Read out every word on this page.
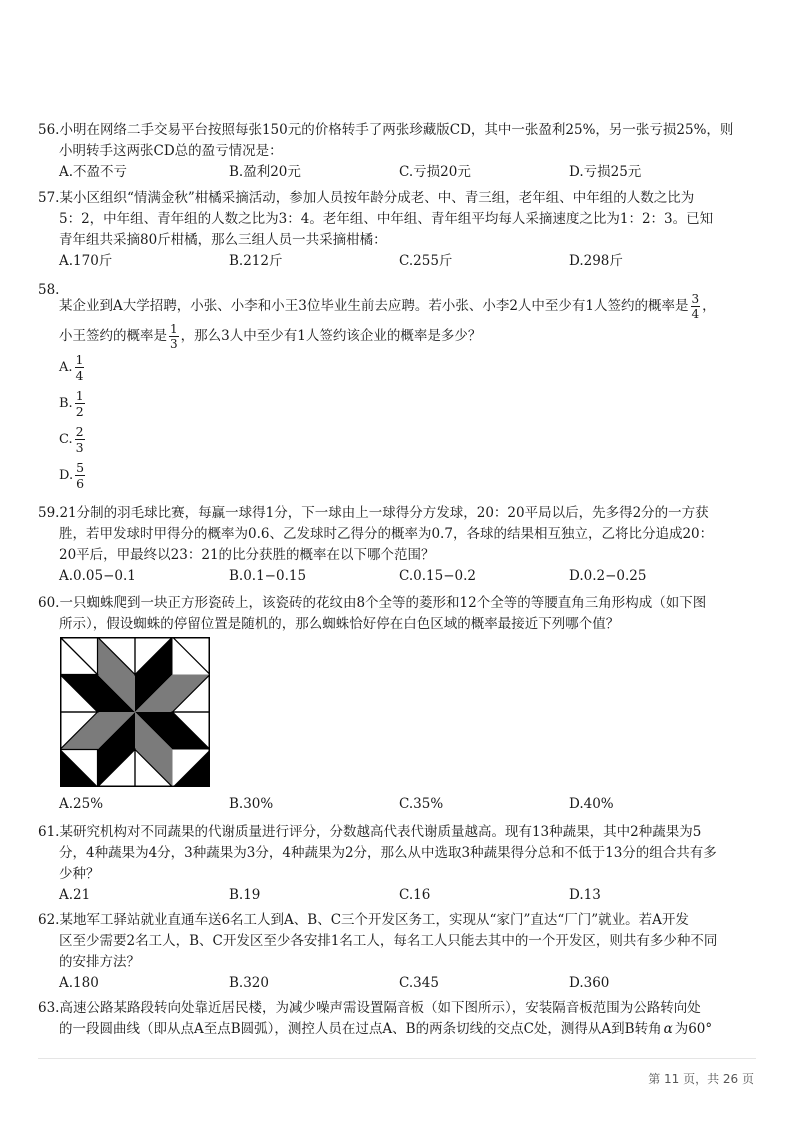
56.小明在网络二手交易平台按照每张150元的价格转手了两张珍藏版CD，其中一张盈利25%，另一张亏损25%，则

小明转手这两张CD总的盈亏情况是：

A.不盈不亏	B.盈利20元	C.亏损20元	D.亏损25元

57.某小区组织“情满金秋”柑橘采摘活动，参加人员按年龄分成老、中、青三组，老年组、中年组的人数之比为

5：2，中年组、青年组的人数之比为3：4。老年组、中年组、青年组平均每人采摘速度之比为1：2：3。已知

青年组共采摘80斤柑橘，那么三组人员一共采摘柑橘：

A.170斤	B.212斤	C.255斤	D.298斤

58.

某企业到A大学招聘，小张、小李和小王3位毕业生前去应聘。若小张、小李2人中至少有1人签约的概率是 $\frac{3}{4}$ ，

小王签约的概率是 $\frac{1}{3}$ ，那么3人中至少有1人签约该企业的概率是多少？

A. $\frac{1}{4}$
B. $\frac{1}{2}$
C. $\frac{2}{3}$
D. $\frac{5}{6}$

59.21分制的羽毛球比赛，每赢一球得1分，下一球由上一球得分方发球，20：20平局以后，先多得2分的一方获

胜，若甲发球时甲得分的概率为0.6、乙发球时乙得分的概率为0.7，各球的结果相互独立，乙将比分追成20：

20平后，甲最终以23：21的比分获胜的概率在以下哪个范围？

A.0.05−0.1	B.0.1−0.15	C.0.15−0.2	D.0.2−0.25

60.一只蜘蛛爬到一块正方形瓷砖上，该瓷砖的花纹由8个全等的菱形和12个全等的等腰直角三角形构成（如下图

所示），假设蜘蛛的停留位置是随机的，那么蜘蛛恰好停在白色区域的概率最接近下列哪个值？

A.25%	B.30%	C.35%	D.40%

61.某研究机构对不同蔬果的代谢质量进行评分，分数越高代表代谢质量越高。现有13种蔬果，其中2种蔬果为5

分，4种蔬果为4分，3种蔬果为3分，4种蔬果为2分，那么从中选取3种蔬果得分总和不低于13分的组合共有多

少种？

A.21	B.19	C.16	D.13

62.某地军工驿站就业直通车送6名工人到A、B、C三个开发区务工，实现从“家门”直达“厂门”就业。若A开发

区至少需要2名工人，B、C开发区至少各安排1名工人，每名工人只能去其中的一个开发区，则共有多少种不同

的安排方法？

A.180	B.320	C.345	D.360

63.高速公路某路段转向处靠近居民楼，为减少噪声需设置隔音板（如下图所示），安装隔音板范围为公路转向处

的一段圆曲线（即从点A至点B圆弧），测控人员在过点A、B的两条切线的交点C处，测得从A到B转角 α 为60°

第 11 页，共 26 页
